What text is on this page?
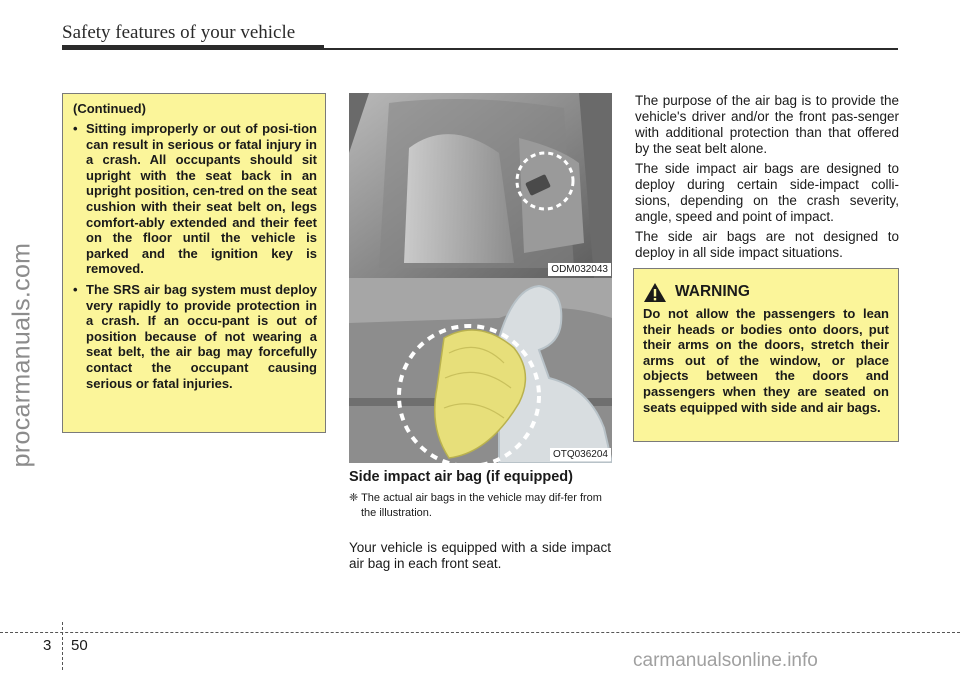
Safety features of your vehicle
procarmanuals.com
(Continued)
• Sitting improperly or out of posi-tion can result in serious or fatal injury in a crash. All occupants should sit upright with the seat back in an upright position, cen-tred on the seat cushion with their seat belt on, legs comfort-ably extended and their feet on the floor until the vehicle is parked and the ignition key is removed.
• The SRS air bag system must deploy very rapidly to provide protection in a crash. If an occu-pant is out of position because of not wearing a seat belt, the air bag may forcefully contact the occupant causing serious or fatal injuries.
ODM032043
OTQ036204
Side impact air bag (if equipped)
❈ The actual air bags in the vehicle may dif-fer from the illustration.
Your vehicle is equipped with a side impact air bag in each front seat.

The purpose of the air bag is to provide the vehicle's driver and/or the front pas-senger with additional protection than that offered by the seat belt alone.

The side impact air bags are designed to deploy during certain side-impact colli-sions, depending on the crash severity, angle, speed and point of impact.

The side air bags are not designed to deploy in all side impact situations.

WARNING
Do not allow the passengers to lean their heads or bodies onto doors, put their arms on the doors, stretch their arms out of the window, or place objects between the doors and passengers when they are seated on seats equipped with side and air bags.
3 50
carmanualsonline.info
